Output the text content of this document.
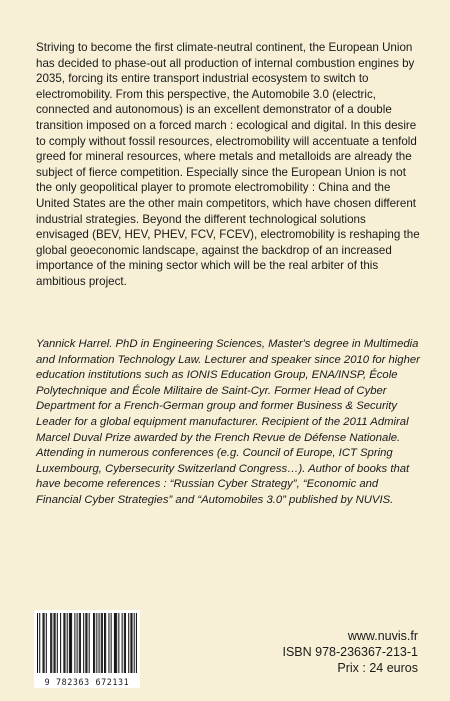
Striving to become the first climate-neutral continent, the European Union has decided to phase-out all production of internal combustion engines by 2035, forcing its entire transport industrial ecosystem to switch to electromobility. From this perspective, the Automobile 3.0 (electric, connected and autonomous) is an excellent demonstrator of a double transition imposed on a forced march : ecological and digital. In this desire to comply without fossil resources, electromobility will accentuate a tenfold greed for mineral resources, where metals and metalloids are already the subject of fierce competition. Especially since the European Union is not the only geopolitical player to promote electromobility : China and the United States are the other main competitors, which have chosen different industrial strategies. Beyond the different technological solutions envisaged (BEV, HEV, PHEV, FCV, FCEV), electromobility is reshaping the global geoeconomic landscape, against the backdrop of an increased importance of the mining sector which will be the real arbiter of this ambitious project.

Yannick Harrel. PhD in Engineering Sciences, Master's degree in Multimedia and Information Technology Law. Lecturer and speaker since 2010 for higher education institutions such as IONIS Education Group, ENA/INSP, École Polytechnique and École Militaire de Saint-Cyr. Former Head of Cyber Department for a French-German group and former Business & Security Leader for a global equipment manufacturer. Recipient of the 2011 Admiral Marcel Duval Prize awarded by the French Revue de Défense Nationale. Attending in numerous conferences (e.g. Council of Europe, ICT Spring Luxembourg, Cybersecurity Switzerland Congress…). Author of books that have become references : “Russian Cyber Strategy”, “Economic and Financial Cyber Strategies” and “Automobiles 3.0” published by NUVIS.

9 782363 672131
www.nuvis.fr
ISBN 978-236367-213-1
Prix : 24 euros
